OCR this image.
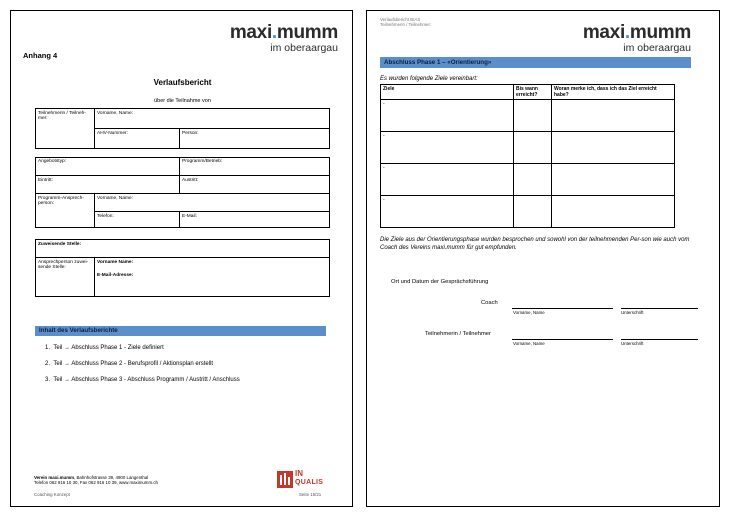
maxi.mumm
im oberaargau
Anhang 4
Verlaufsbericht
über die Teilnahme von
Teilnehmerin / Teilneh-mer:
Vorname, Name:
AHV-Nummer:	Person:
Angebotstyp:	Programm/Betrieb:
Eintritt:	Austritt:
Programm-Ansprech-person:
Vorname, Name:
Telefon:	E-Mail:
Zuweisende Stelle:
Ansprechperson zuwei-sende Stelle:
Vorname Name:
E-Mail-Adresse:
Inhalt des Verlaufsberichte
1. Teil → Abschluss Phase 1 - Ziele definiert
2. Teil → Abschluss Phase 2 - Berufsprofil / Aktionsplan erstellt
3. Teil → Abschluss Phase 3 - Abschluss Programm / Austritt / Anschluss
Verein maxi.mumm, Bahnhofstrasse 39, 4900 Langenthal
Telefon 062 916 10 30, Fax 062 916 10 39, www.maximumm.ch
Coaching Konzept	Seite 15/21
IN
QUALIS
Verlaufsbericht BIAS
Teilnehmerin / Teilnehmer:	maxi.mumm
im oberaargau
Abschluss Phase 1 – «Orientierung»
Es wurden folgende Ziele vereinbart:
Ziele	Bis wann erreicht?	Woran merke ich, dass ich das Ziel erreicht habe?
-		
-		
-		
-		
Die Ziele aus der Orientierungsphase wurden besprochen und sowohl von der teilnehmenden Per-son wie auch vom Coach des Vereins maxi.mumm für gut empfunden.
Ort und Datum der Gesprächsführung
Coach
Vorname, Name	Unterschrift
Teilnehmerin / Teilnehmer
Vorname, Name	Unterschrift
